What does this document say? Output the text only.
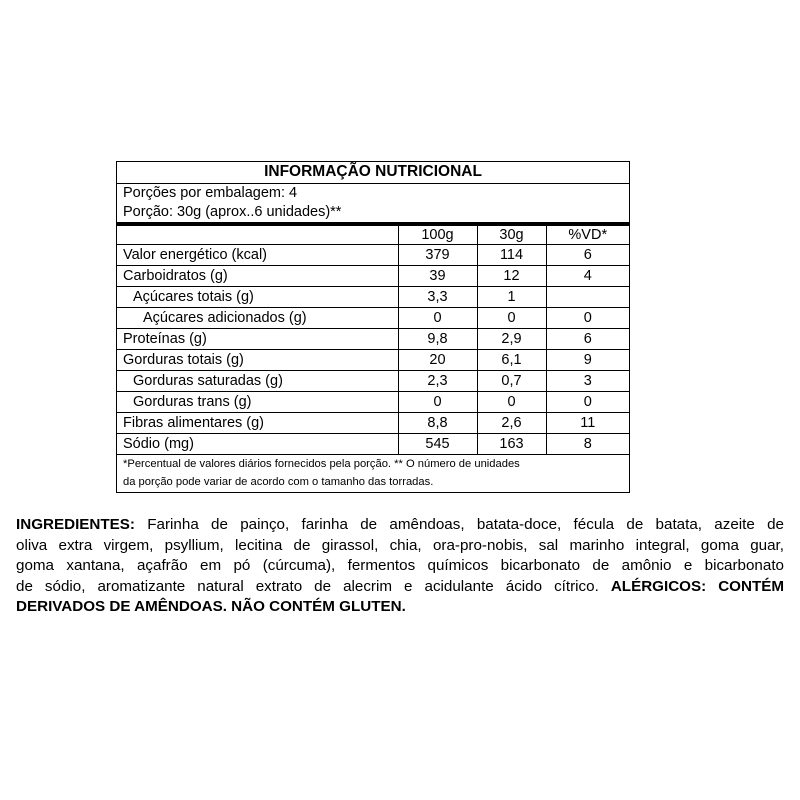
INFORMAÇÃO NUTRICIONAL
Porções por embalagem: 4
Porção: 30g (aprox..6 unidades)**
	100g	30g	%VD*
Valor energético (kcal)	379	114	6
Carboidratos (g)	39	12	4
Açúcares totais (g)	3,3	1	
Açúcares adicionados (g)	0	0	0
Proteínas (g)	9,8	2,9	6
Gorduras totais (g)	20	6,1	9
Gorduras saturadas (g)	2,3	0,7	3
Gorduras trans (g)	0	0	0
Fibras alimentares (g)	8,8	2,6	11
Sódio (mg)	545	163	8
*Percentual de valores diários fornecidos pela porção. ** O número de unidades
da porção pode variar de acordo com o tamanho das torradas.
INGREDIENTES: Farinha de painço, farinha de amêndoas, batata-doce, fécula de batata, azeite de
oliva extra virgem, psyllium, lecitina de girassol, chia, ora-pro-nobis, sal marinho integral, goma guar,
goma xantana, açafrão em pó (cúrcuma), fermentos químicos bicarbonato de amônio e bicarbonato
de sódio, aromatizante natural extrato de alecrim e acidulante ácido cítrico. ALÉRGICOS: CONTÉM
DERIVADOS DE AMÊNDOAS. NÃO CONTÉM GLUTEN.
